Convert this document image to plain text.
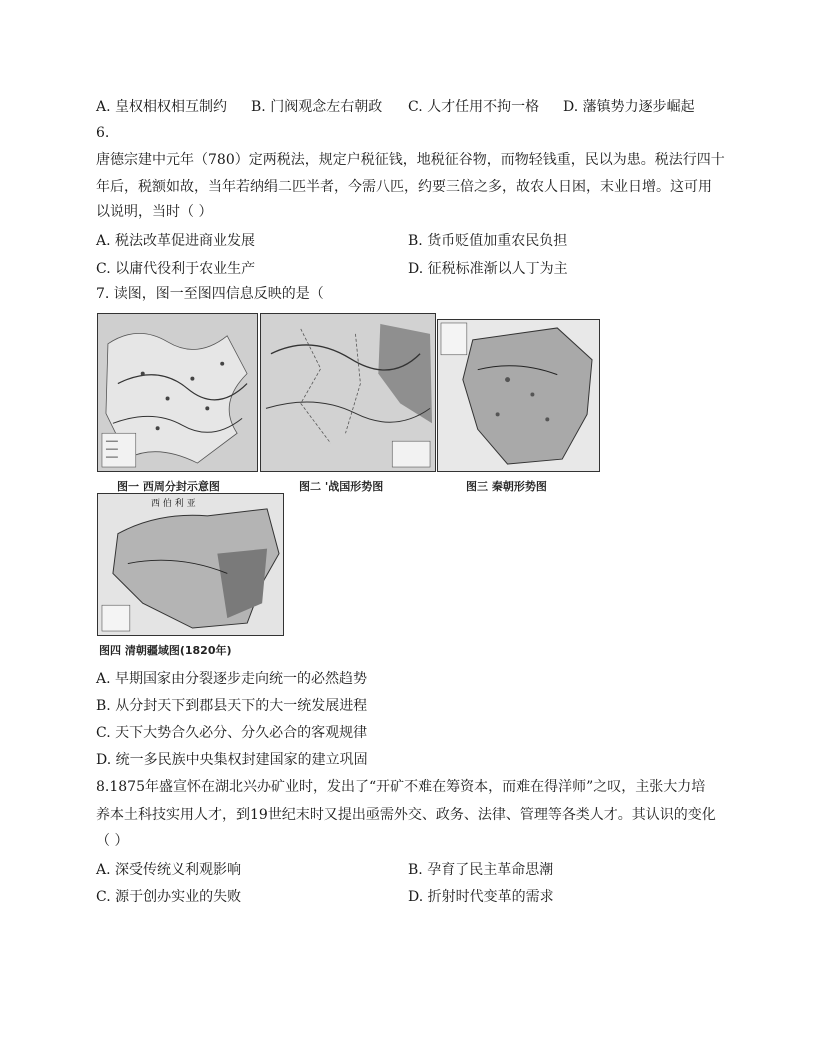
A. 皇权相权相互制约 B. 门阀观念左右朝政 C. 人才任用不拘一格 D. 藩镇势力逐步崛起
6.
唐德宗建中元年（780）定两税法，规定户税征钱，地税征谷物，而物轻钱重，民以为患。税法行四十
年后，税额如故，当年若纳绢二匹半者，今需八匹，约要三倍之多，故农人日困，末业日增。这可用
以说明，当时（ ）
A. 税法改革促进商业发展	B. 货币贬值加重农民负担
C. 以庸代役利于农业生产	D. 征税标准渐以人丁为主
7. 读图，图一至图四信息反映的是（
图一 西周分封示意图	图二 '战国形势图	图三 秦朝形势图
西 伯 利 亚
图四 清朝疆域图(1820年)
A. 早期国家由分裂逐步走向统一的必然趋势
B. 从分封天下到郡县天下的大一统发展进程
C. 天下大势合久必分、分久必合的客观规律
D. 统一多民族中央集权封建国家的建立巩固
8.1875年盛宣怀在湖北兴办矿业时，发出了“开矿不难在筹资本，而难在得洋师”之叹，主张大力培
养本土科技实用人才，到19世纪末时又提出亟需外交、政务、法律、管理等各类人才。其认识的变化
（ ）
A. 深受传统义利观影响	B. 孕育了民主革命思潮
C. 源于创办实业的失败	D. 折射时代变革的需求
